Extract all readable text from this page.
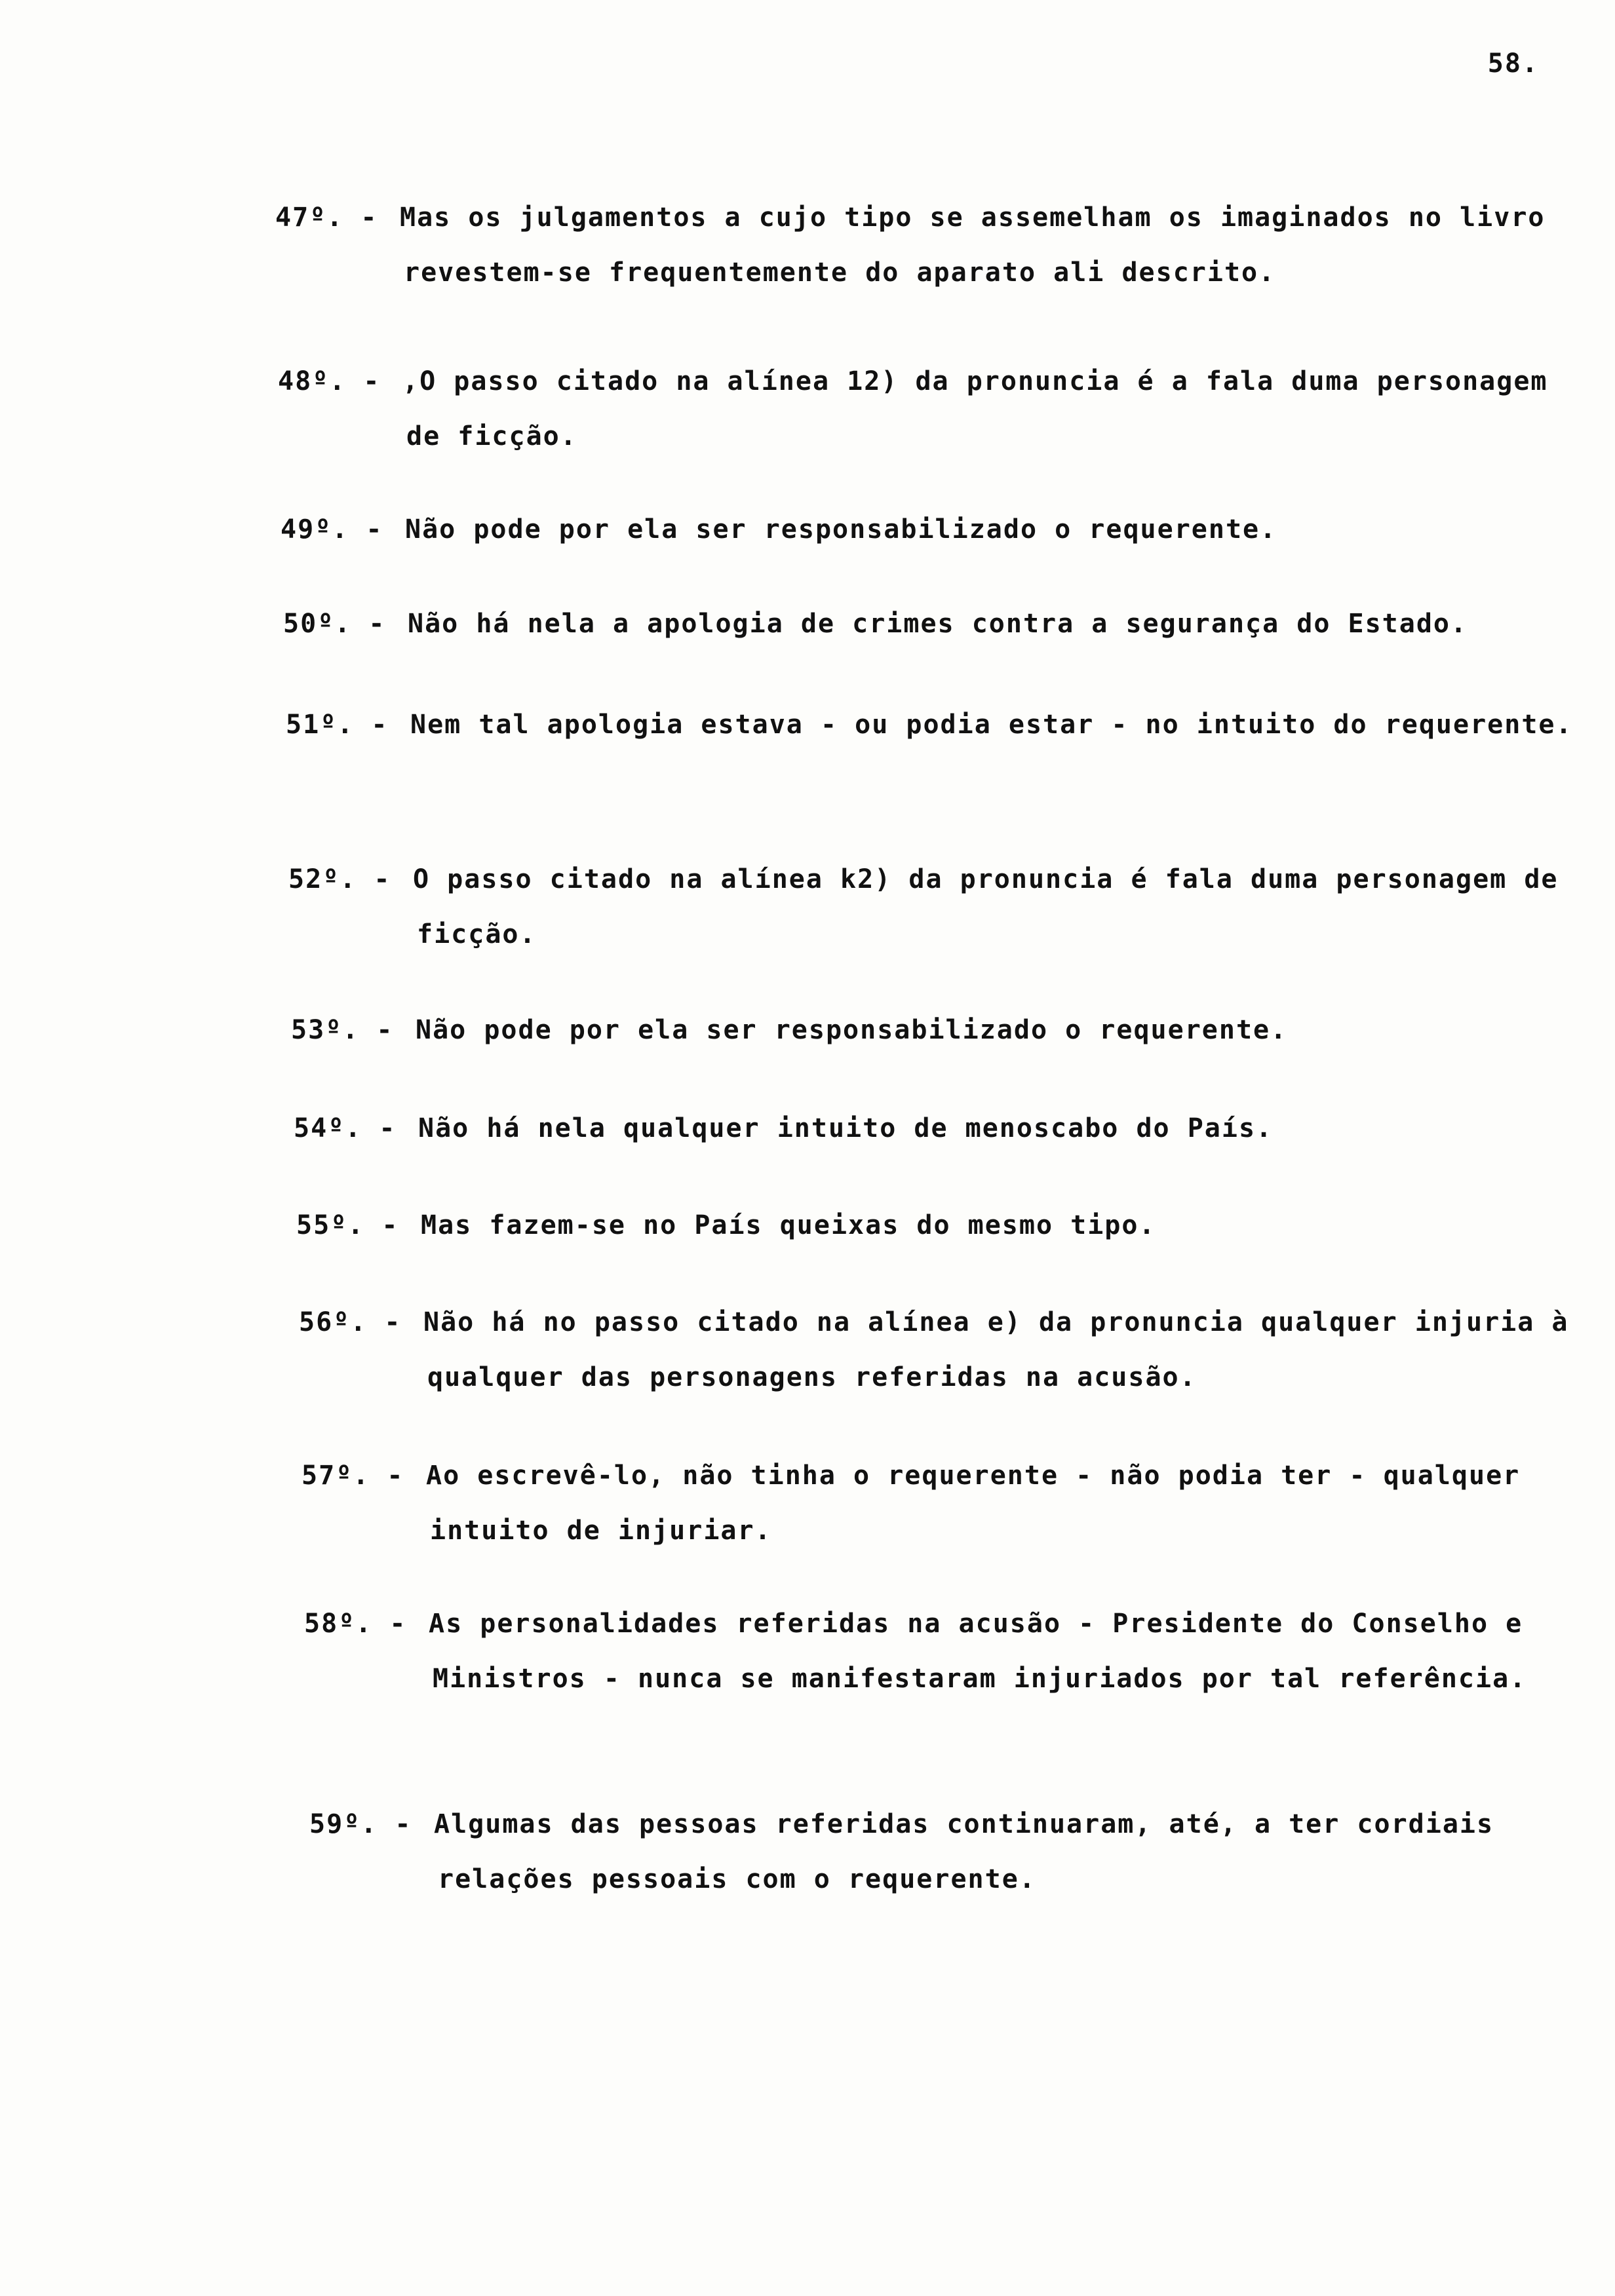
58.
47º. - Mas os julgamentos a cujo tipo se assemelham os imaginados no livro revestem-se frequentemente do aparato ali descrito.
48º. - ,O passo citado na alínea 12) da pronuncia é a fala duma personagem de ficção.
49º. - Não pode por ela ser responsabilizado o requerente.
50º. - Não há nela a apologia de crimes contra a segurança do Estado.
51º. - Nem tal apologia estava - ou podia estar - no intuito do requerente.
52º. - O passo citado na alínea k2) da pronuncia é fala duma personagem de ficção.
53º. - Não pode por ela ser responsabilizado o requerente.
54º. - Não há nela qualquer intuito de menoscabo do País.
55º. - Mas fazem-se no País queixas do mesmo tipo.
56º. - Não há no passo citado na alínea e) da pronuncia qualquer injuria à qualquer das personagens referidas na acusão.
57º. - Ao escrevê-lo, não tinha o requerente - não podia ter - qualquer intuito de injuriar.
58º. - As personalidades referidas na acusão - Presidente do Conselho e Ministros - nunca se manifestaram injuriados por tal referência.
59º. - Algumas das pessoas referidas continuaram, até, a ter cordiais relações pessoais com o requerente.
